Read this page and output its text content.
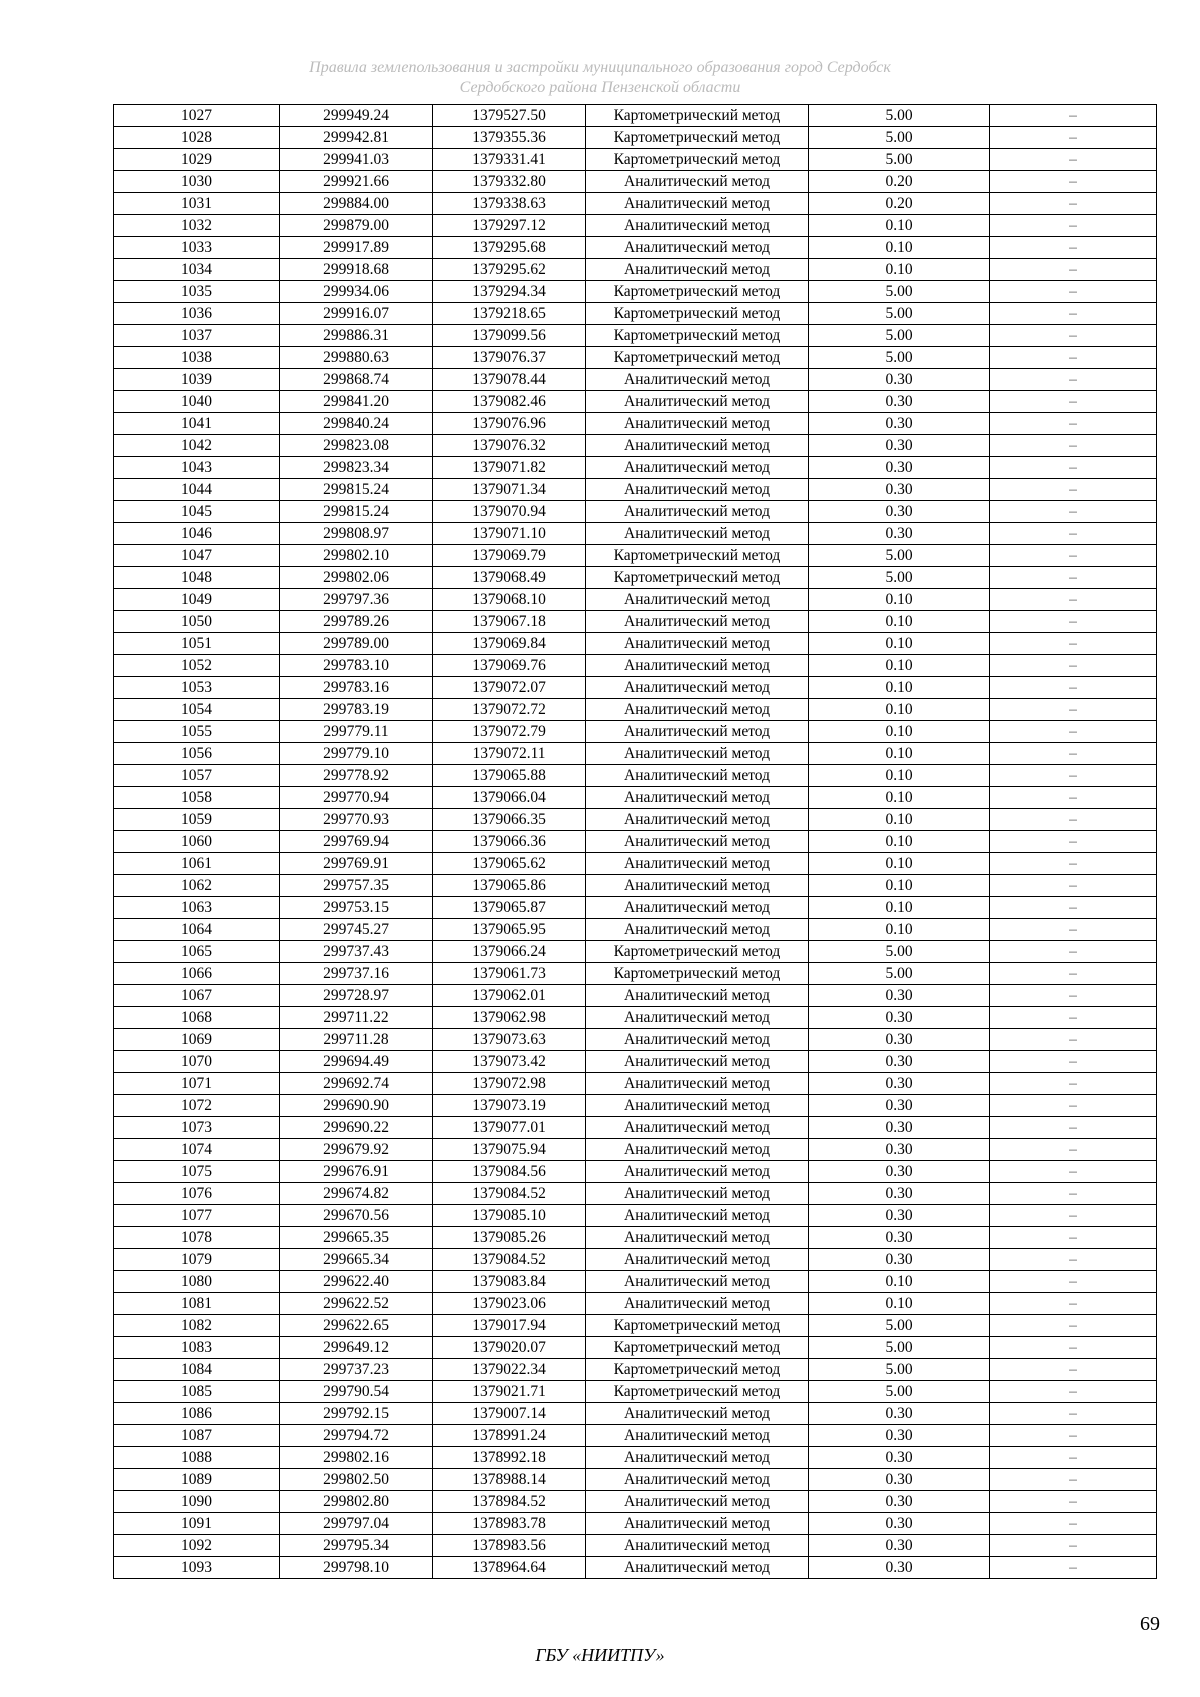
Правила землепользования и застройки муниципального образования город Сердобск
Сердобского района Пензенской области
1027	299949.24	1379527.50	Картометрический метод	5.00	–
1028	299942.81	1379355.36	Картометрический метод	5.00	–
1029	299941.03	1379331.41	Картометрический метод	5.00	–
1030	299921.66	1379332.80	Аналитический метод	0.20	–
1031	299884.00	1379338.63	Аналитический метод	0.20	–
1032	299879.00	1379297.12	Аналитический метод	0.10	–
1033	299917.89	1379295.68	Аналитический метод	0.10	–
1034	299918.68	1379295.62	Аналитический метод	0.10	–
1035	299934.06	1379294.34	Картометрический метод	5.00	–
1036	299916.07	1379218.65	Картометрический метод	5.00	–
1037	299886.31	1379099.56	Картометрический метод	5.00	–
1038	299880.63	1379076.37	Картометрический метод	5.00	–
1039	299868.74	1379078.44	Аналитический метод	0.30	–
1040	299841.20	1379082.46	Аналитический метод	0.30	–
1041	299840.24	1379076.96	Аналитический метод	0.30	–
1042	299823.08	1379076.32	Аналитический метод	0.30	–
1043	299823.34	1379071.82	Аналитический метод	0.30	–
1044	299815.24	1379071.34	Аналитический метод	0.30	–
1045	299815.24	1379070.94	Аналитический метод	0.30	–
1046	299808.97	1379071.10	Аналитический метод	0.30	–
1047	299802.10	1379069.79	Картометрический метод	5.00	–
1048	299802.06	1379068.49	Картометрический метод	5.00	–
1049	299797.36	1379068.10	Аналитический метод	0.10	–
1050	299789.26	1379067.18	Аналитический метод	0.10	–
1051	299789.00	1379069.84	Аналитический метод	0.10	–
1052	299783.10	1379069.76	Аналитический метод	0.10	–
1053	299783.16	1379072.07	Аналитический метод	0.10	–
1054	299783.19	1379072.72	Аналитический метод	0.10	–
1055	299779.11	1379072.79	Аналитический метод	0.10	–
1056	299779.10	1379072.11	Аналитический метод	0.10	–
1057	299778.92	1379065.88	Аналитический метод	0.10	–
1058	299770.94	1379066.04	Аналитический метод	0.10	–
1059	299770.93	1379066.35	Аналитический метод	0.10	–
1060	299769.94	1379066.36	Аналитический метод	0.10	–
1061	299769.91	1379065.62	Аналитический метод	0.10	–
1062	299757.35	1379065.86	Аналитический метод	0.10	–
1063	299753.15	1379065.87	Аналитический метод	0.10	–
1064	299745.27	1379065.95	Аналитический метод	0.10	–
1065	299737.43	1379066.24	Картометрический метод	5.00	–
1066	299737.16	1379061.73	Картометрический метод	5.00	–
1067	299728.97	1379062.01	Аналитический метод	0.30	–
1068	299711.22	1379062.98	Аналитический метод	0.30	–
1069	299711.28	1379073.63	Аналитический метод	0.30	–
1070	299694.49	1379073.42	Аналитический метод	0.30	–
1071	299692.74	1379072.98	Аналитический метод	0.30	–
1072	299690.90	1379073.19	Аналитический метод	0.30	–
1073	299690.22	1379077.01	Аналитический метод	0.30	–
1074	299679.92	1379075.94	Аналитический метод	0.30	–
1075	299676.91	1379084.56	Аналитический метод	0.30	–
1076	299674.82	1379084.52	Аналитический метод	0.30	–
1077	299670.56	1379085.10	Аналитический метод	0.30	–
1078	299665.35	1379085.26	Аналитический метод	0.30	–
1079	299665.34	1379084.52	Аналитический метод	0.30	–
1080	299622.40	1379083.84	Аналитический метод	0.10	–
1081	299622.52	1379023.06	Аналитический метод	0.10	–
1082	299622.65	1379017.94	Картометрический метод	5.00	–
1083	299649.12	1379020.07	Картометрический метод	5.00	–
1084	299737.23	1379022.34	Картометрический метод	5.00	–
1085	299790.54	1379021.71	Картометрический метод	5.00	–
1086	299792.15	1379007.14	Аналитический метод	0.30	–
1087	299794.72	1378991.24	Аналитический метод	0.30	–
1088	299802.16	1378992.18	Аналитический метод	0.30	–
1089	299802.50	1378988.14	Аналитический метод	0.30	–
1090	299802.80	1378984.52	Аналитический метод	0.30	–
1091	299797.04	1378983.78	Аналитический метод	0.30	–
1092	299795.34	1378983.56	Аналитический метод	0.30	–
1093	299798.10	1378964.64	Аналитический метод	0.30	–
69
ГБУ «НИИТПУ»
